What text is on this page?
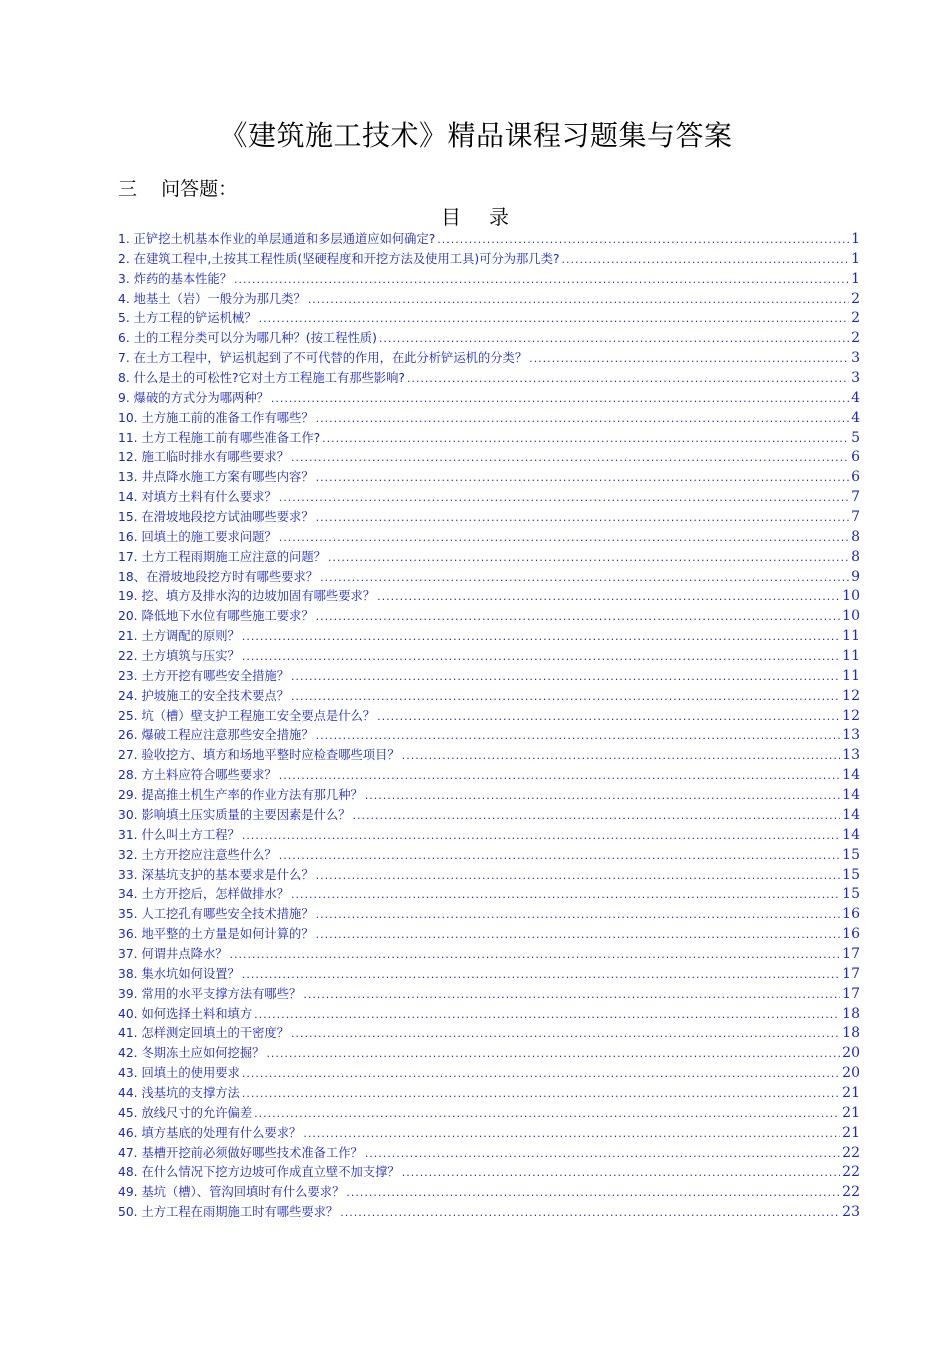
《建筑施工技术》精品课程习题集与答案
三    问答题：
目 录
1. 正铲挖土机基本作业的单层通道和多层通道应如何确定? .....	1
2. 在建筑工程中,土按其工程性质(坚硬程度和开挖方法及使用工具)可分为那几类? .....	1
3. 炸药的基本性能？ .....	1
4. 地基土（岩）一般分为那几类？ .....	2
5. 土方工程的铲运机械？ .....	2
6. 土的工程分类可以分为哪几种？(按工程性质) .....	2
7. 在土方工程中，铲运机起到了不可代替的作用，在此分析铲运机的分类？ .....	3
8. 什么是土的可松性?它对土方工程施工有那些影响? .....	3
9. 爆破的方式分为哪两种？ .....	4
10. 土方施工前的准备工作有哪些？ .....	4
11. 土方工程施工前有哪些准备工作? .....	5
12. 施工临时排水有哪些要求？ .....	6
13. 井点降水施工方案有哪些内容？ .....	6
14. 对填方土料有什么要求？ .....	7
15. 在滑坡地段挖方试油哪些要求？ .....	7
16. 回填土的施工要求问题？ .....	8
17. 土方工程雨期施工应注意的问题？ .....	8
18、在滑坡地段挖方时有哪些要求？ .....	9
19. 挖、填方及排水沟的边坡加固有哪些要求？ .....	10
20. 降低地下水位有哪些施工要求？ .....	10
21. 土方调配的原则？ .....	11
22. 土方填筑与压实？ .....	11
23. 土方开挖有哪些安全措施？ .....	11
24. 护坡施工的安全技术要点？ .....	12
25. 坑（槽）壁支护工程施工安全要点是什么？ .....	12
26. 爆破工程应注意那些安全措施？ .....	13
27. 验收挖方、填方和场地平整时应检查哪些项目？ .....	13
28. 方土料应符合哪些要求？ .....	14
29. 提高推土机生产率的作业方法有那几种？ .....	14
30. 影响填土压实质量的主要因素是什么？ .....	14
31. 什么叫土方工程？ .....	14
32. 土方开挖应注意些什么？ .....	15
33. 深基坑支护的基本要求是什么？ .....	15
34. 土方开挖后，怎样做排水？ .....	15
35. 人工挖孔有哪些安全技术措施？ .....	16
36. 地平整的土方量是如何计算的？ .....	16
37. 何谓井点降水？ .....	17
38. 集水坑如何设置？ .....	17
39. 常用的水平支撑方法有哪些？ .....	17
40. 如何选择土料和填方 .....	18
41. 怎样测定回填土的干密度？ .....	18
42. 冬期冻土应如何挖掘？ .....	20
43. 回填土的使用要求 .....	20
44. 浅基坑的支撑方法 .....	21
45. 放线尺寸的允许偏差 .....	21
46. 填方基底的处理有什么要求？ .....	21
47. 基槽开挖前必须做好哪些技术准备工作？ .....	22
48. 在什么情况下挖方边坡可作成直立壁不加支撑？ .....	22
49. 基坑（槽）、管沟回填时有什么要求？ .....	22
50. 土方工程在雨期施工时有哪些要求？ .....	23
